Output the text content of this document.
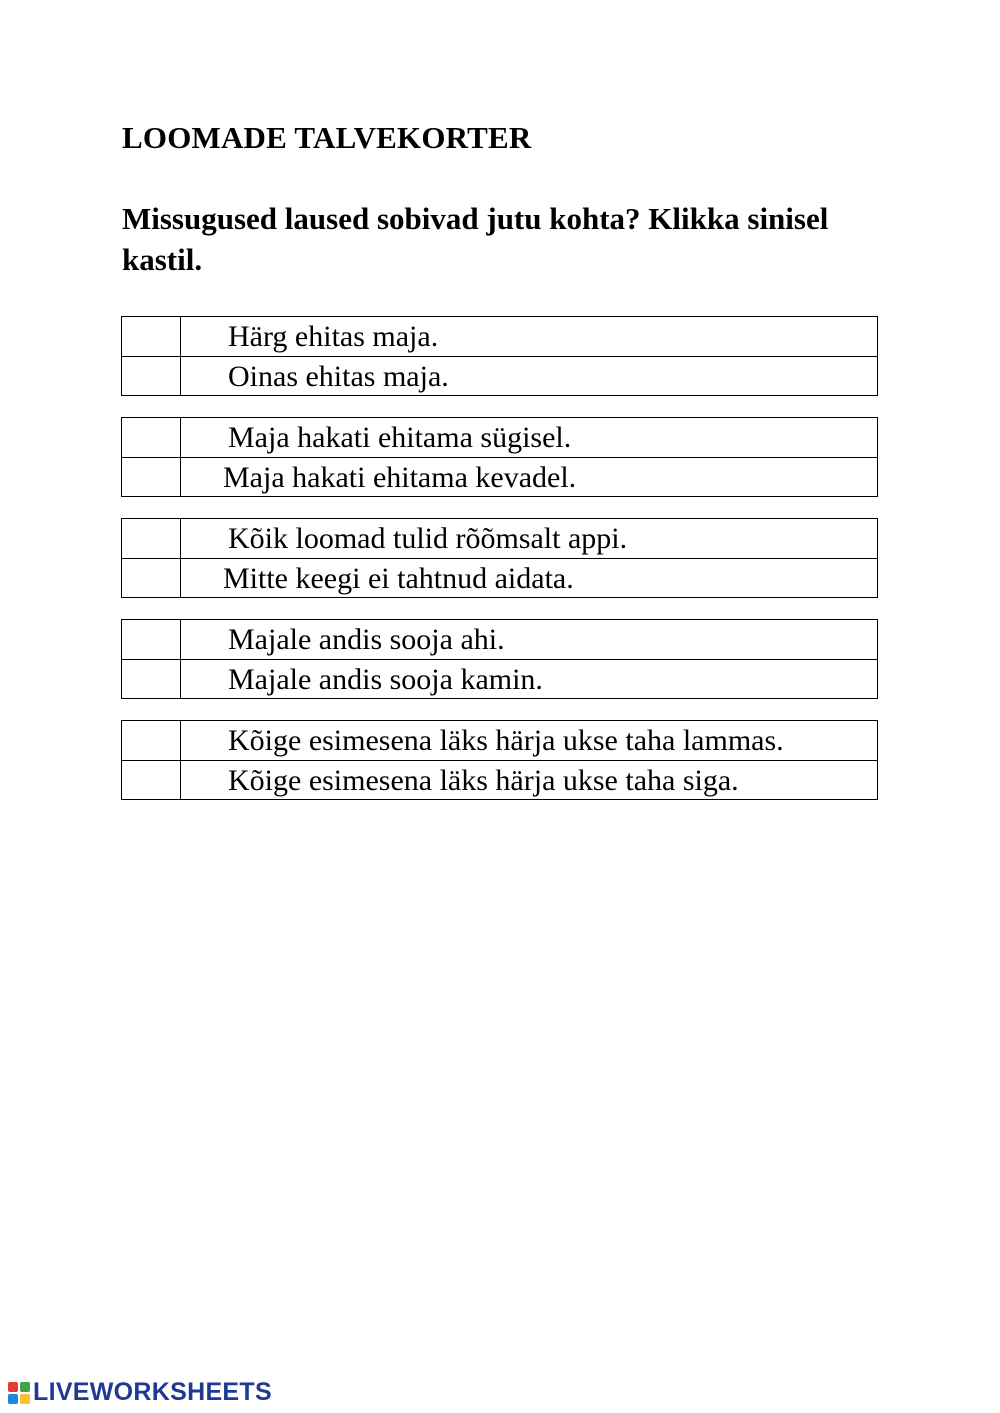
LOOMADE TALVEKORTER

Missugused laused sobivad jutu kohta? Klikka sinisel kastil.

Härg ehitas maja.
Oinas ehitas maja.
Maja hakati ehitama sügisel.
Maja hakati ehitama kevadel.
Kõik loomad tulid rõõmsalt appi.
Mitte keegi ei tahtnud aidata.
Majale andis sooja ahi.
Majale andis sooja kamin.
Kõige esimesena läks härja ukse taha lammas.
Kõige esimesena läks härja ukse taha siga.
LIVEWORKSHEETS
